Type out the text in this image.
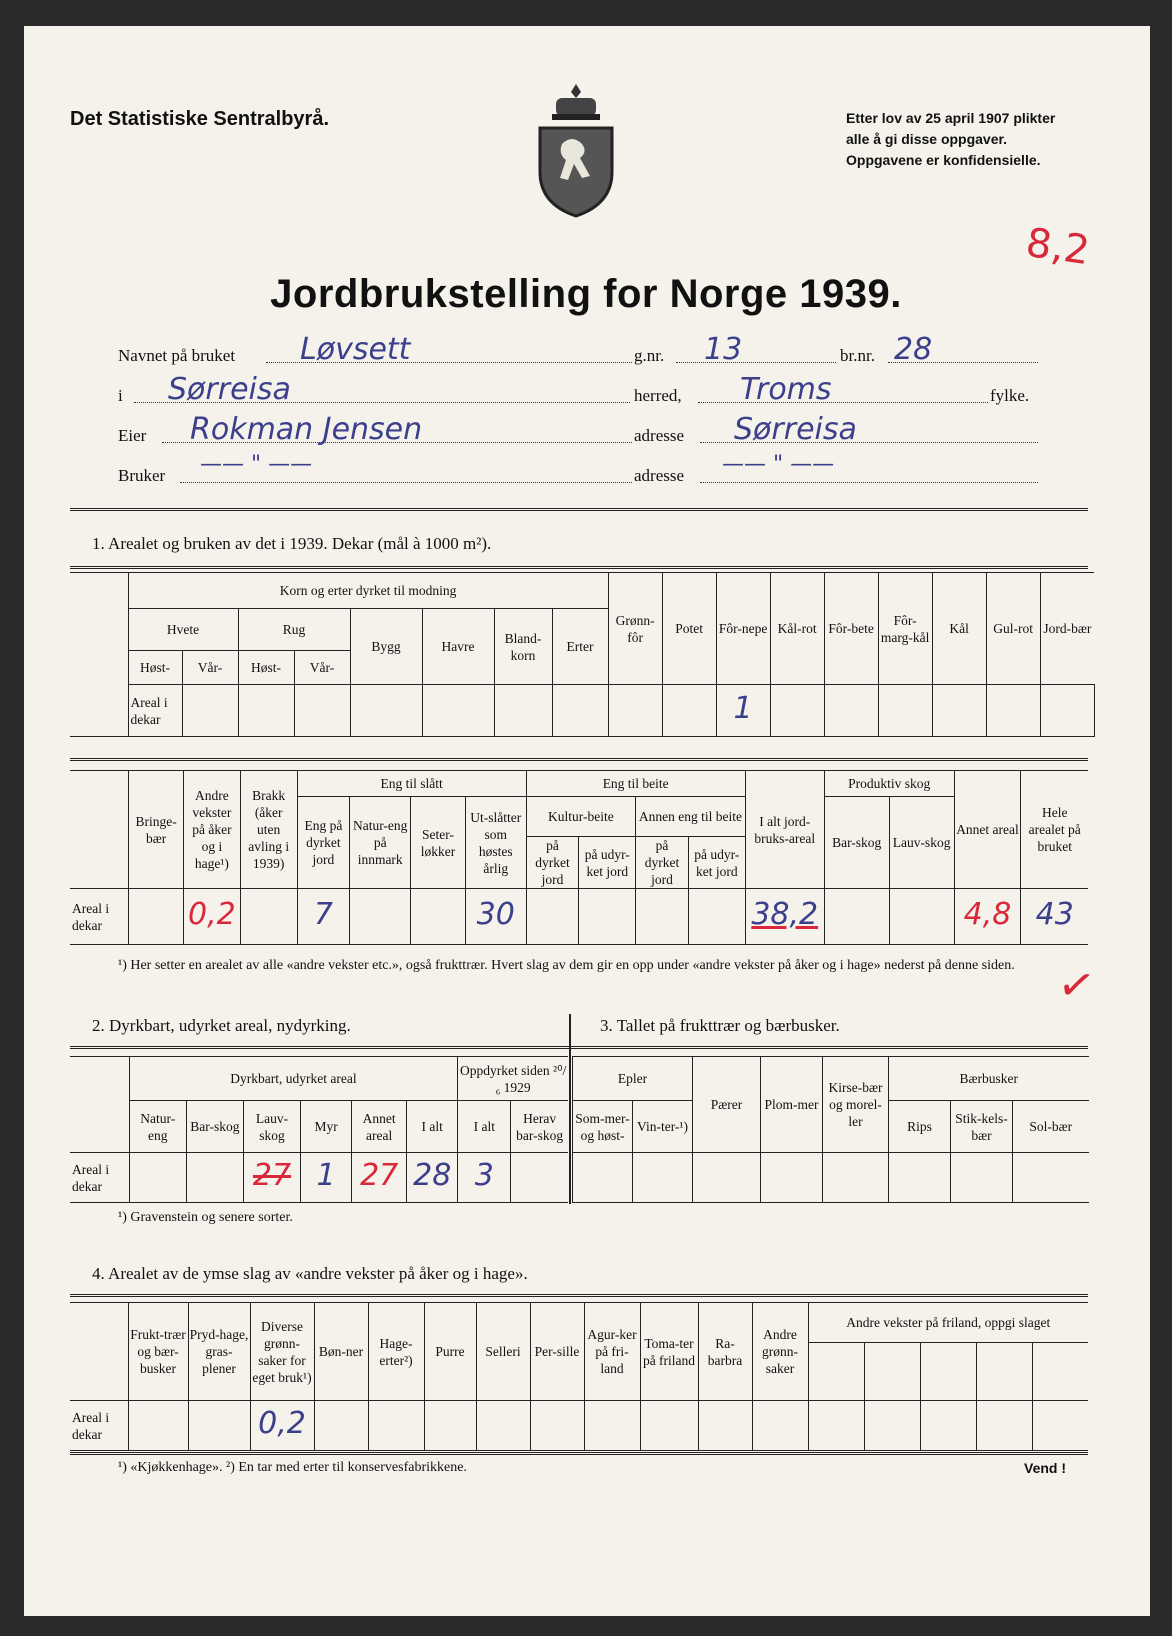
Det Statistiske Sentralbyrå.	Etter lov av 25 april 1907 plikter
alle å gi disse oppgaver.
Oppgavene er konfidensielle.
8,2
Jordbrukstelling for Norge 1939.
Navnet på bruket Løvsett	g.nr. 13	br.nr. 28
i Sørreisa	herred, Troms	fylke.
Eier Rokman Jensen	adresse Sørreisa
Bruker —— " ——	adresse —— " ——
1. Arealet og bruken av det i 1939. Dekar (mål à 1000 m²).
	Korn og erter dyrket til modning								Grønn-fôr	Potet	Fôr-nepe	Kål-rot	Fôr-bete	Fôr-marg-kål	Kål	Gul-rot	Jord-bær	
	Hvete		Rug		Bygg	Havre	Bland-korn	Erter										
	Høst-	Vår-	Høst-	Vår-														
	Areal i dekar										1							
	Bringe-bær	Andre vekster på åker og i hage¹)	Brakk (åker uten avling i 1939)	Eng til slått				Eng til beite				I alt jord-bruks-areal	Produktiv skog		Annet areal	Hele arealet på bruket
				Eng på dyrket jord	Natur-eng på innmark	Seter-løkker	Ut-slåtter som høstes årlig	Kultur-beite		Annen eng til beite			Bar-skog	Lauv-skog		
								på dyrket jord	på udyr-ket jord	på dyrket jord	på udyr-ket jord					
Areal i dekar		0,2		7			30					38,2			4,8	43
¹) Her setter en arealet av alle «andre vekster etc.», også frukttrær. Hvert slag av dem gir en opp under «andre vekster på åker og i hage» nederst på denne siden. ✓
2. Dyrkbart, udyrket areal, nydyrking.	3. Tallet på frukttrær og bærbusker.
	Dyrkbart, udyrket areal						Oppdyrket siden ²⁰/₆ 1929	
	Natur-eng	Bar-skog	Lauv-skog	Myr	Annet areal	I alt	I alt	Herav bar-skog
Areal i dekar			27	1	27	28	3	
Epler		Pærer	Plom-mer	Kirse-bær og morel-ler	Bærbusker		
Som-mer-og høst-	Vin-ter-¹)				Rips	Stik-kels-bær	Sol-bær

¹) Gravenstein og senere sorter.
4. Arealet av de ymse slag av «andre vekster på åker og i hage».
	Frukt-trær og bær-busker	Pryd-hage, gras-plener	Diverse grønn-saker for eget bruk¹)	Bøn-ner	Hage-erter²)	Purre	Selleri	Per-sille	Agur-ker på fri-land	Toma-ter på friland	Ra-barbra	Andre grønn-saker	Andre vekster på friland, oppgi slaget				

Areal i dekar			0,2														
¹) «Kjøkkenhage». ²) En tar med erter til konservesfabrikkene.	Vend !
